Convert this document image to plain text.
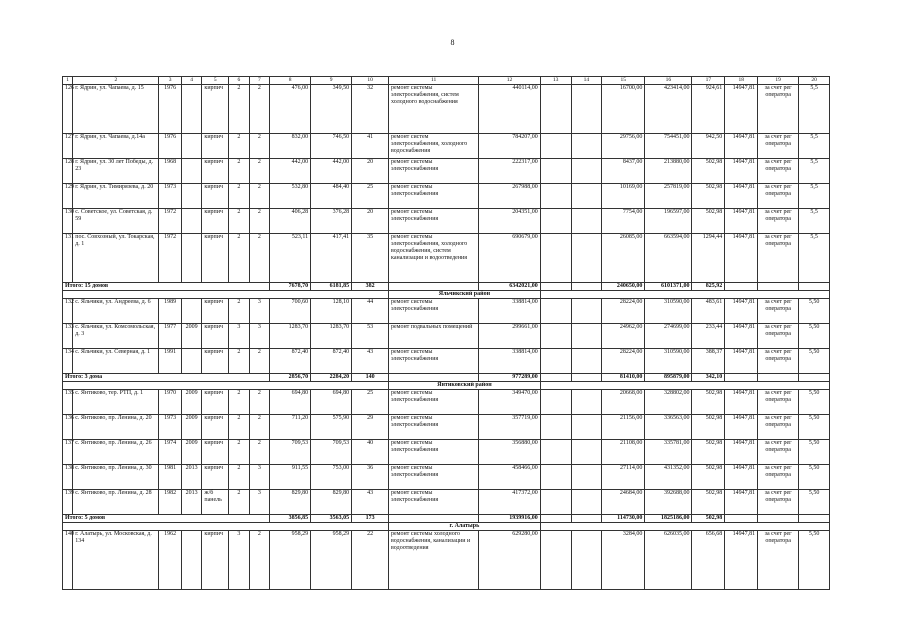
8
1	2	3	4	5	6	7	8	9	10	11	12	13	14	15	16	17	18	19	20
126	г. Ядрин, ул. Чапаева, д. 15	1976		кирпич	2	2	476,00	349,50	32	ремонт системы электроснабжения, систем холодного водоснабжения	440114,00			16700,00	423414,00	924,61	14947,81	за счет рег оператора	5,5
127	г. Ядрин, ул. Чапаева, д.14а	1976		кирпич	2	2	832,00	746,50	41	ремонт систем электроснабжения, холодного водоснабжения	784207,00			29756,00	754451,00	942,50	14947,81	за счет рег оператора	5,5
128	г. Ядрин, ул. 30 лет Победы, д. 23	1968		кирпич	2	2	442,00	442,00	20	ремонт системы электроснабжения	222317,00			8437,00	213880,00	502,98	14947,81	за счет рег оператора	5,5
129	г. Ядрин, ул. Тимирязева, д. 20	1973		кирпич	2	2	532,80	484,40	25	ремонт системы электроснабжения	267988,00			10169,00	257819,00	502,98	14947,81	за счет рег оператора	5,5
130	с. Советское, ул. Советская, д. 59	1972		кирпич	2	2	406,28	376,28	20	ремонт системы электроснабжения	204351,00			7754,00	196597,00	502,98	14947,81	за счет рег оператора	5,5
131	пос. Совхозный, ул. Токарская, д. 1	1972		кирпич	2	2	523,11	417,41	35	ремонт системы электроснабжения, холодного водоснабжения, систем канализации и водоотведения	690679,00			26085,00	663594,00	1294,44	14947,81	за счет рег оператора	5,5
Итого: 15 домов							7678,70	6181,85	382		6342021,00			240650,00	6101371,00	825,92			
										Яльчикский район									
132	с. Яльчики, ул. Андреева, д. 6	1989		кирпич	2	3	700,60	128,10	44	ремонт системы электроснабжения	338814,00			28224,00	310590,00	483,61	14947,81	за счет рег оператора	5,50
133	с. Яльчики, ул. Комсомольская, д. 3	1977	2009	кирпич	3	3	1283,70	1283,70	53	ремонт подвальных помещений	299661,00			24962,00	274699,00	233,44	14947,81	за счет рег оператора	5,50
134	с. Яльчики, ул. Северная, д. 1	1991		кирпич	2	2	872,40	872,40	43	ремонт системы электроснабжения	338814,00			28224,00	310590,00	388,37	14947,81	за счет рег оператора	5,50
Итого: 3 дома							2856,70	2284,20	140		977289,00			81410,00	895879,00	342,10			
										Янтиковский район									
135	с. Янтиково, тер. РТП, д. 1	1970	2009	кирпич	2	2	694,80	694,80	25	ремонт системы электроснабжения	349470,00			20668,00	328802,00	502,98	14947,81	за счет рег оператора	5,50
136	с. Янтиково, пр. Ленина, д. 20	1973	2009	кирпич	2	2	711,20	575,90	29	ремонт системы электроснабжения	357719,00			21156,00	336563,00	502,98	14947,81	за счет рег оператора	5,50
137	с. Янтиково, пр. Ленина, д. 26	1974	2009	кирпич	2	2	709,53	709,53	40	ремонт системы электроснабжения	356880,00			21108,00	335781,00	502,98	14947,81	за счет рег оператора	5,50
138	с. Янтиково, пр. Ленина, д. 30	1981	2013	кирпич	2	3	911,55	753,00	36	ремонт системы электроснабжения	458466,00			27114,00	431352,00	502,98	14947,81	за счет рег оператора	5,50
139	с. Янтиково, пр. Ленина, д. 28	1982	2013	ж/б панель	2	3	829,80	829,80	43	ремонт системы электроснабжения	417372,00			24684,00	392688,00	502,98	14947,81	за счет рег оператора	5,50
Итого: 5 домов							3856,85	3563,05	173		1939916,00			114730,00	1825186,00	502,98			
										г. Алатырь									
140	г. Алатырь, ул. Московская, д. 134	1962		кирпич	3	2	958,29	958,29	22	ремонт системы холодного водоснабжения, канализации и водоотведения	629280,00			3284,00	626035,00	656,68	14947,81	за счет рег оператора	5,50
